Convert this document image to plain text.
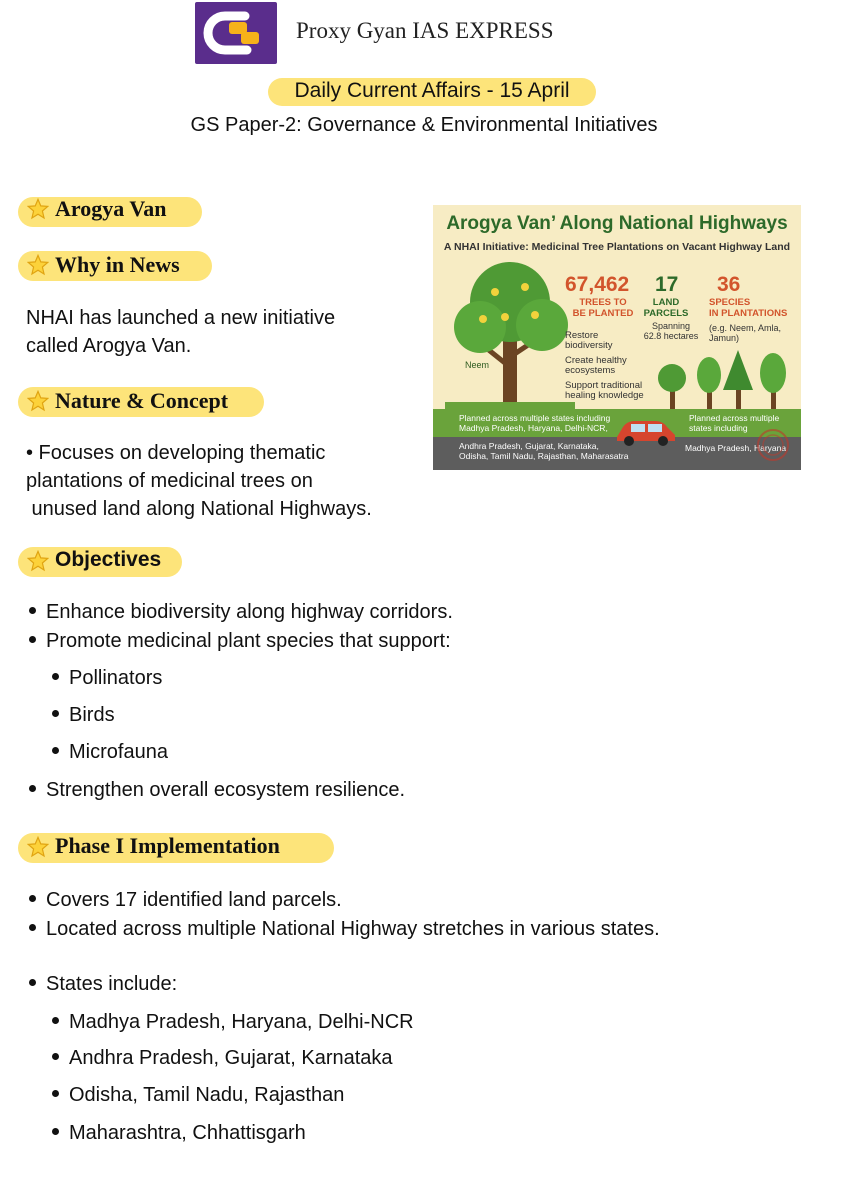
Proxy Gyan IAS EXPRESS
Daily Current Affairs - 15 April
GS Paper-2: Governance & Environmental Initiatives
Arogya Van
Why in News
NHAI has launched a new initiative
called Arogya Van.
Nature & Concept
• Focuses on developing thematic
plantations of medicinal trees on
unused land along National Highways.
Objectives
Enhance biodiversity along highway corridors.
Promote medicinal plant species that support:
Pollinators
Birds
Microfauna
Strengthen overall ecosystem resilience.
Phase I Implementation
Covers 17 identified land parcels.
Located across multiple National Highway stretches in various states.
States include:
Madhya Pradesh, Haryana, Delhi-NCR
Andhra Pradesh, Gujarat, Karnataka
Odisha, Tamil Nadu, Rajasthan
Maharashtra, Chhattisgarh
Arogya Van’ Along National Highways
A NHAI Initiative: Medicinal Tree Plantations on Vacant Highway Land
Neem
67,462
TREES TO
BE PLANTED
17
LAND
PARCELS
Spanning
62.8 hectares
36
SPECIES
IN PLANTATIONS
(e.g. Neem, Amla,
Jamun)
Restore
biodiversity
Create healthy
ecosystems
Support traditional
healing knowledge
Planned across multiple states including
Madhya Pradesh, Haryana, Delhi-NCR,
Planned across multiple
states including
Andhra Pradesh, Gujarat, Karnataka,
Odisha, Tamil Nadu, Rajasthan, Maharasatra
Madhya Pradesh, Haryana
